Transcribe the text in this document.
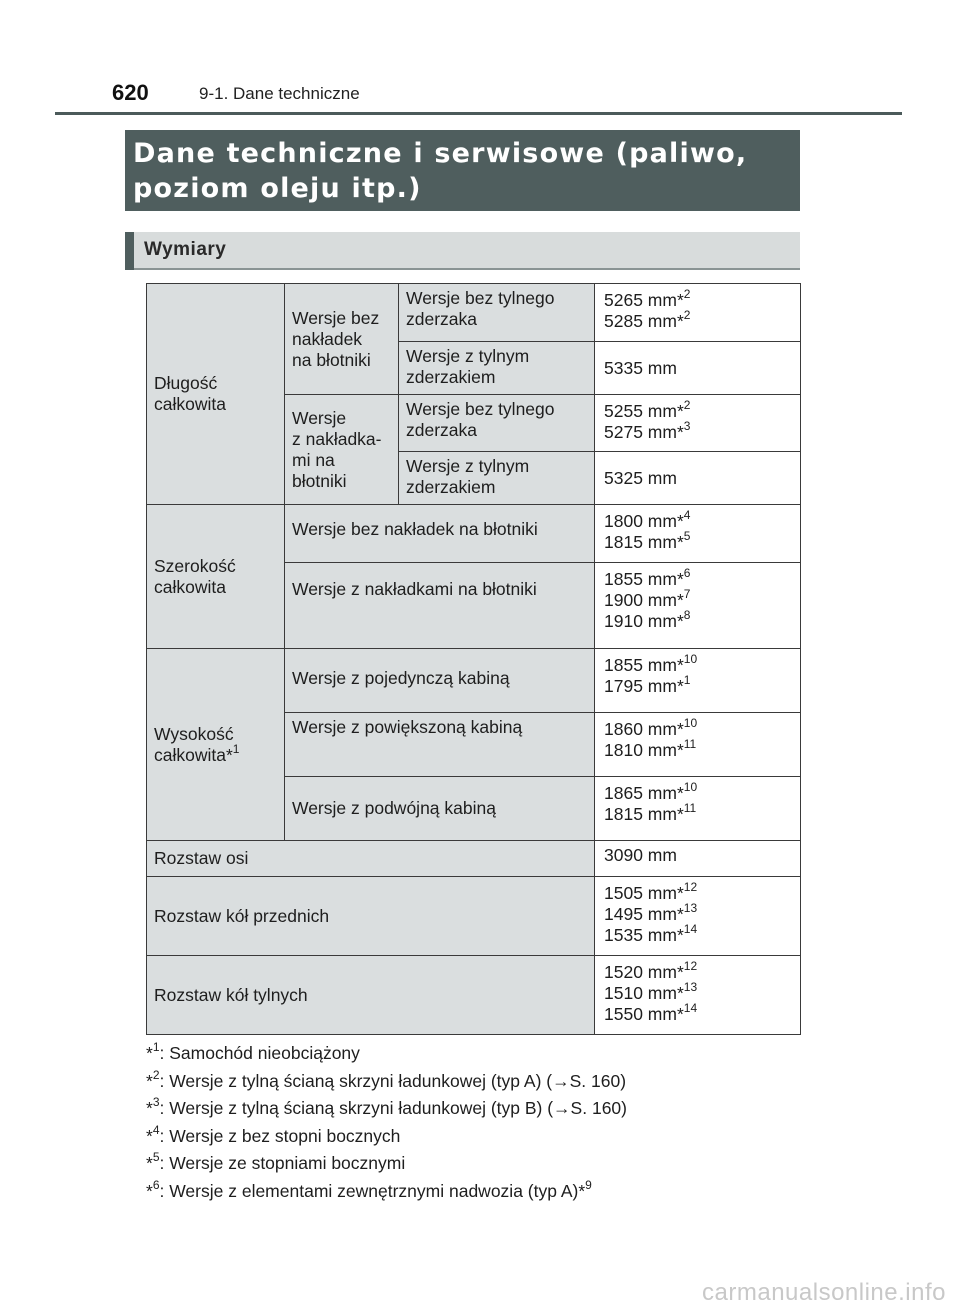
620	9-1. Dane techniczne
Dane techniczne i serwisowe (paliwo,
poziom oleju itp.)
Wymiary
Długość
całkowita	Wersje bez
nakładek
na błotniki	Wersje bez tylnego
zderzaka	5265 mm*$^2$
5285 mm*$^2$

		Wersje z tylnym
zderzakiem	5335 mm

	Wersje
z nakładka-
mi na
błotniki	Wersje bez tylnego
zderzaka	5255 mm*$^2$
5275 mm*$^3$

		Wersje z tylnym
zderzakiem	5325 mm

Szerokość
całkowita	Wersje bez nakładek na błotniki		1800 mm*$^4$
1815 mm*$^5$

	Wersje z nakładkami na błotniki		1855 mm*$^6$
1900 mm*$^7$
1910 mm*$^8$

Wysokość
całkowita*$^1$	Wersje z pojedynczą kabiną		1855 mm*$^{10}$
1795 mm*$^1$

	Wersje z powiększoną kabiną		1860 mm*$^{10}$
1810 mm*$^{11}$

	Wersje z podwójną kabiną		1865 mm*$^{10}$
1815 mm*$^{11}$

Rozstaw osi			3090 mm
Rozstaw kół przednich			1505 mm*$^{12}$
1495 mm*$^{13}$
1535 mm*$^{14}$

Rozstaw kół tylnych			1520 mm*$^{12}$
1510 mm*$^{13}$
1550 mm*$^{14}$
*$^1$: Samochód nieobciążony
*$^2$: Wersje z tylną ścianą skrzyni ładunkowej (typ A) (→S. 160)
*$^3$: Wersje z tylną ścianą skrzyni ładunkowej (typ B) (→S. 160)
*$^4$: Wersje z bez stopni bocznych
*$^5$: Wersje ze stopniami bocznymi
*$^6$: Wersje z elementami zewnętrznymi nadwozia (typ A)*$^9$
carmanualsonline.info
